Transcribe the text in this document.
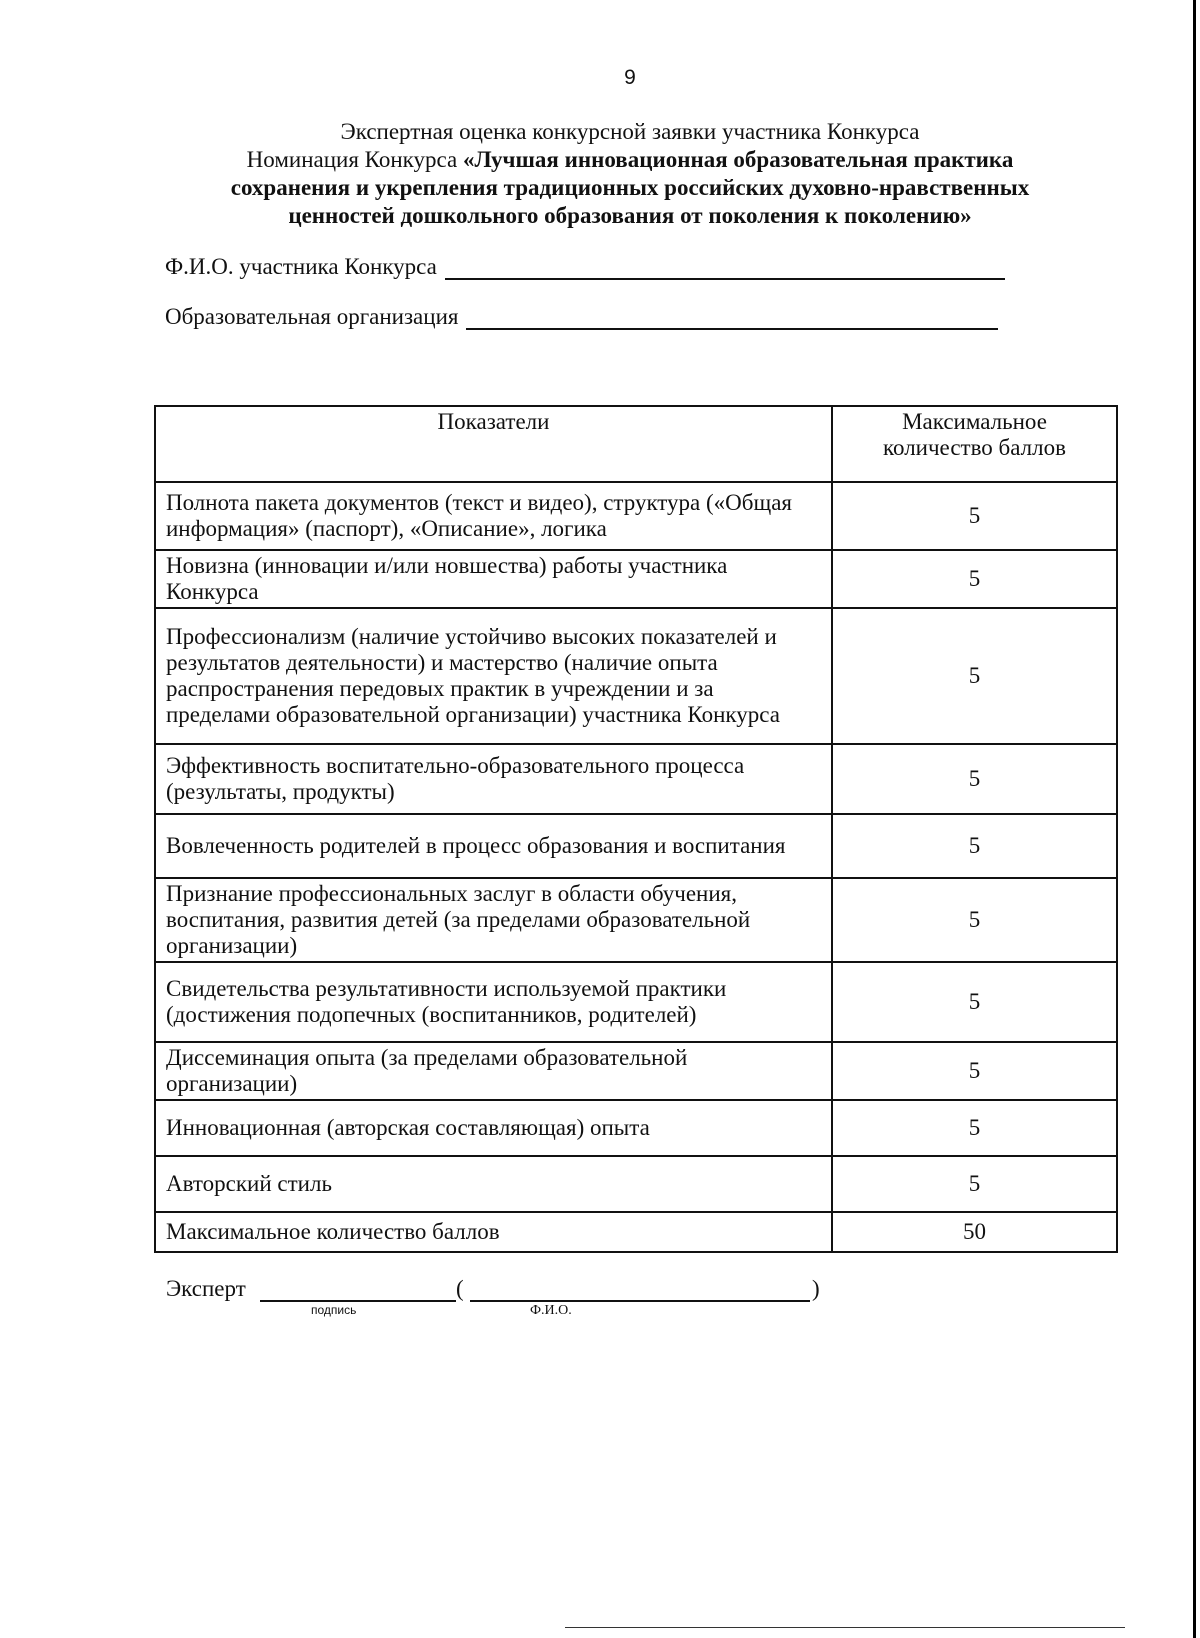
9
Экспертная оценка конкурсной заявки участника Конкурса
Номинация Конкурса «Лучшая инновационная образовательная практика
сохранения и укрепления традиционных российских духовно-нравственных
ценностей дошкольного образования от поколения к поколению»
Ф.И.О. участника Конкурса
Образовательная организация
Показатели	Максимальное
количество баллов

Полнота пакета документов (текст и видео), структура («Общая информация» (паспорт), «Описание», логика	5
Новизна (инновации и/или новшества) работы участника Конкурса	5
Профессионализм (наличие устойчиво высоких показателей и результатов деятельности) и мастерство (наличие опыта распространения передовых практик в учреждении и за пределами образовательной организации) участника Конкурса	5
Эффективность воспитательно-образовательного процесса (результаты, продукты)	5
Вовлеченность родителей в процесс образования и воспитания	5
Признание профессиональных заслуг в области обучения, воспитания, развития детей (за пределами образовательной организации)	5
Свидетельства результативности используемой практики (достижения подопечных (воспитанников, родителей)	5
Диссеминация опыта (за пределами образовательной организации)	5
Инновационная (авторская составляющая) опыта	5
Авторский стиль	5
Максимальное количество баллов	50
Эксперт
подпись
(
Ф.И.О.
)
